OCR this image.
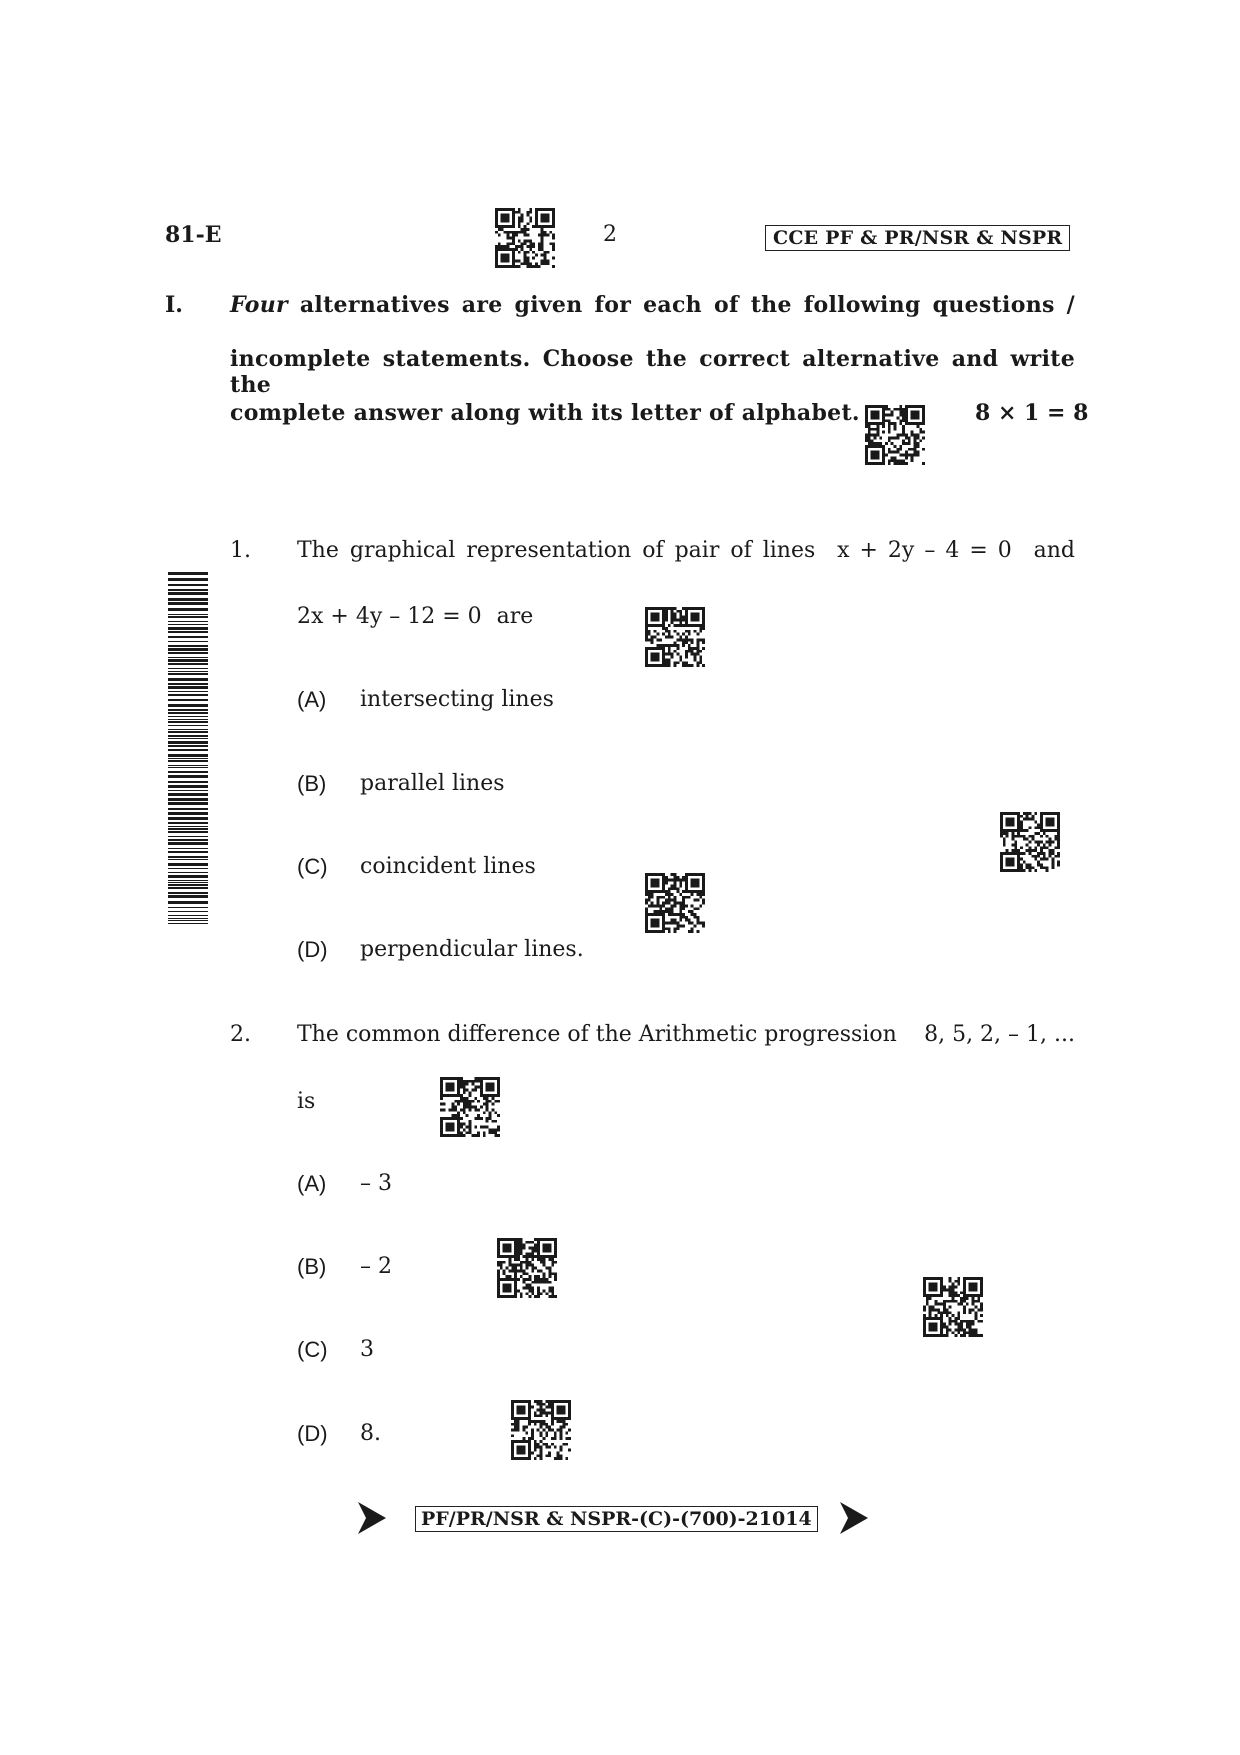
81-E	2	CCE PF & PR/NSR & NSPR
I. Four alternatives are given for each of the following questions /
incomplete statements. Choose the correct alternative and write the
complete answer along with its letter of alphabet.	8 × 1 = 8
1. The graphical representation of pair of lines x + 2y – 4 = 0 and
2x + 4y – 12 = 0 are
(A) intersecting lines
(B) parallel lines
(C) coincident lines
(D) perpendicular lines.
2. The common difference of the Arithmetic progression 8, 5, 2, – 1, ...
is
(A) – 3
(B) – 2
(C) 3
(D) 8.
PF/PR/NSR & NSPR-(C)-(700)-21014
